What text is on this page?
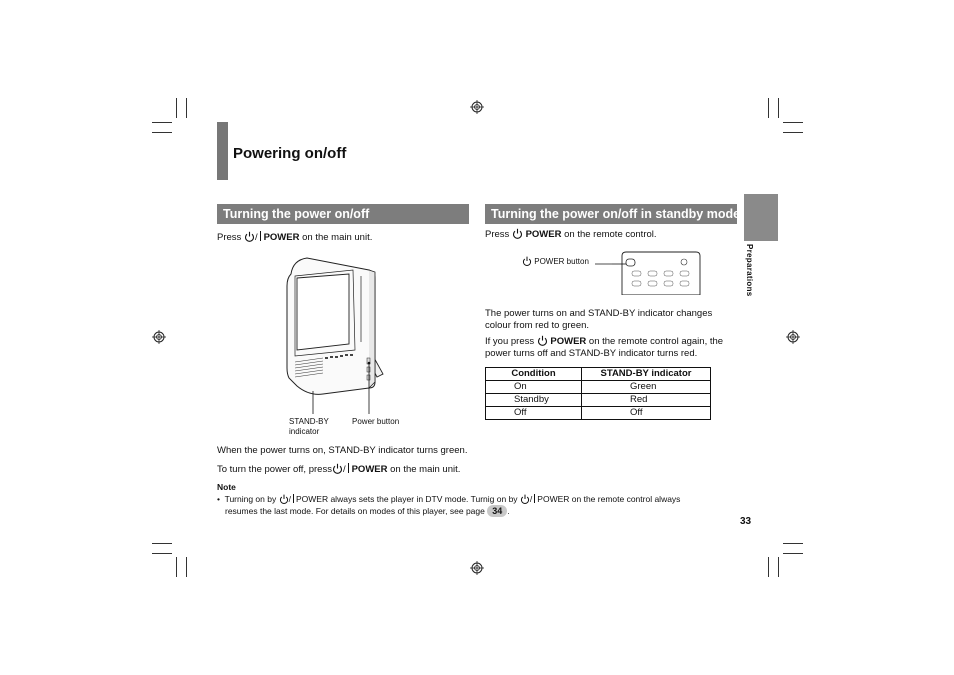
Powering on/off
Preparations
Turning the power on/off
Press / POWER on the main unit.
STAND-BY
indicator
Power button
When the power turns on, STAND-BY indicator turns green.
To turn the power off, press / POWER on the main unit.
Turning the power on/off in standby mode
Press POWER on the remote control.
POWER button
The power turns on and STAND-BY indicator changes
colour from red to green.
If you press POWER on the remote control again, the
power turns off and STAND-BY indicator turns red.
Condition	STAND-BY indicator
On	Green
Standby	Red
Off	Off
Note
• Turning on by / POWER always sets the player in DTV mode. Turnig on by / POWER on the remote control always
resumes the last mode. For details on modes of this player, see page 34 .
33
